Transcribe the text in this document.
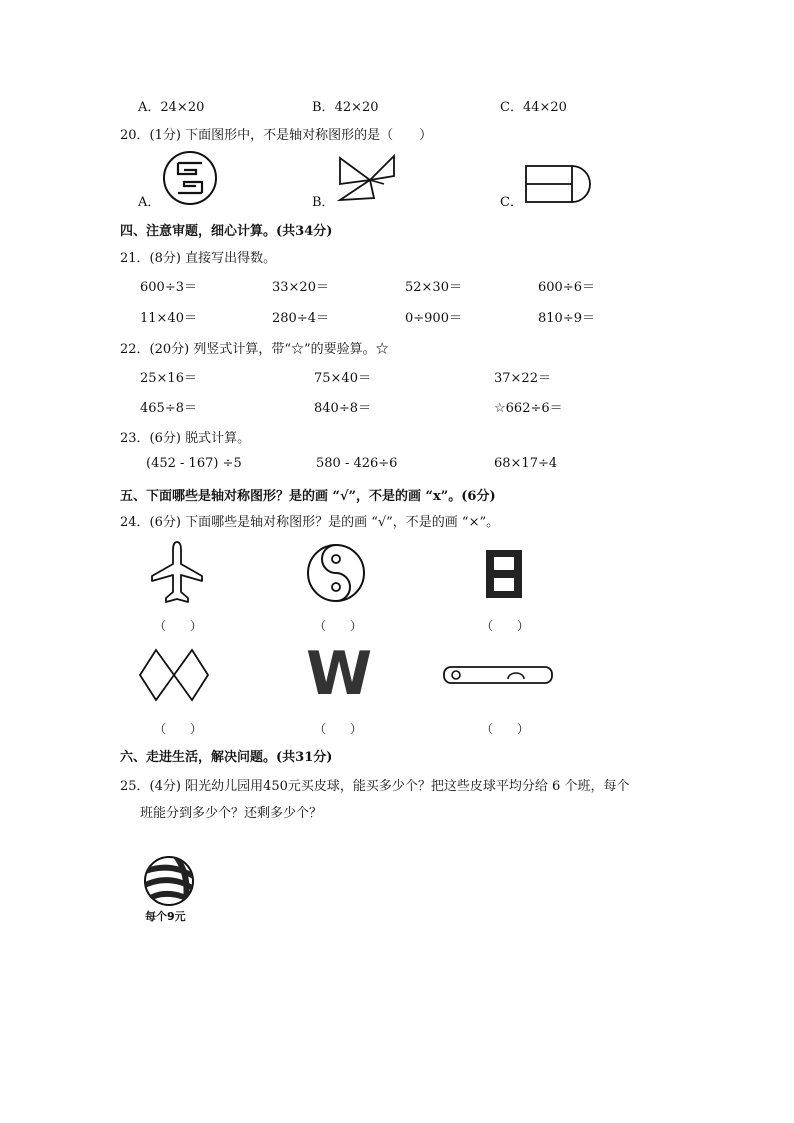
A．24×20	B．42×20	C．44×20
20．(1分) 下面图形中，不是轴对称图形的是（　　）
A．	B．	C．
四、注意审题，细心计算。(共34分)
21．(8分) 直接写出得数。
600÷3＝	33×20＝	52×30＝	600÷6＝
11×40＝	280÷4＝	0÷900＝	810÷9＝
22．(20分) 列竖式计算，带“☆”的要验算。☆
25×16＝	75×40＝	37×22＝
465÷8＝	840÷8＝	☆662÷6＝
23．(6分) 脱式计算。
(452 - 167) ÷5	580 - 426÷6	68×17÷4
五、下面哪些是轴对称图形？是的画 “√”，不是的画 “x”。(6分)
24．(6分) 下面哪些是轴对称图形？是的画 “√”，不是的画 “×”。
（　　）	（　　）	（　　）
W
（　　）	（　　）	（　　）
六、走进生活，解决问题。(共31分)
25．(4分) 阳光幼儿园用450元买皮球，能买多少个？把这些皮球平均分给 6 个班，每个
班能分到多少个？还剩多少个？
每个9元
